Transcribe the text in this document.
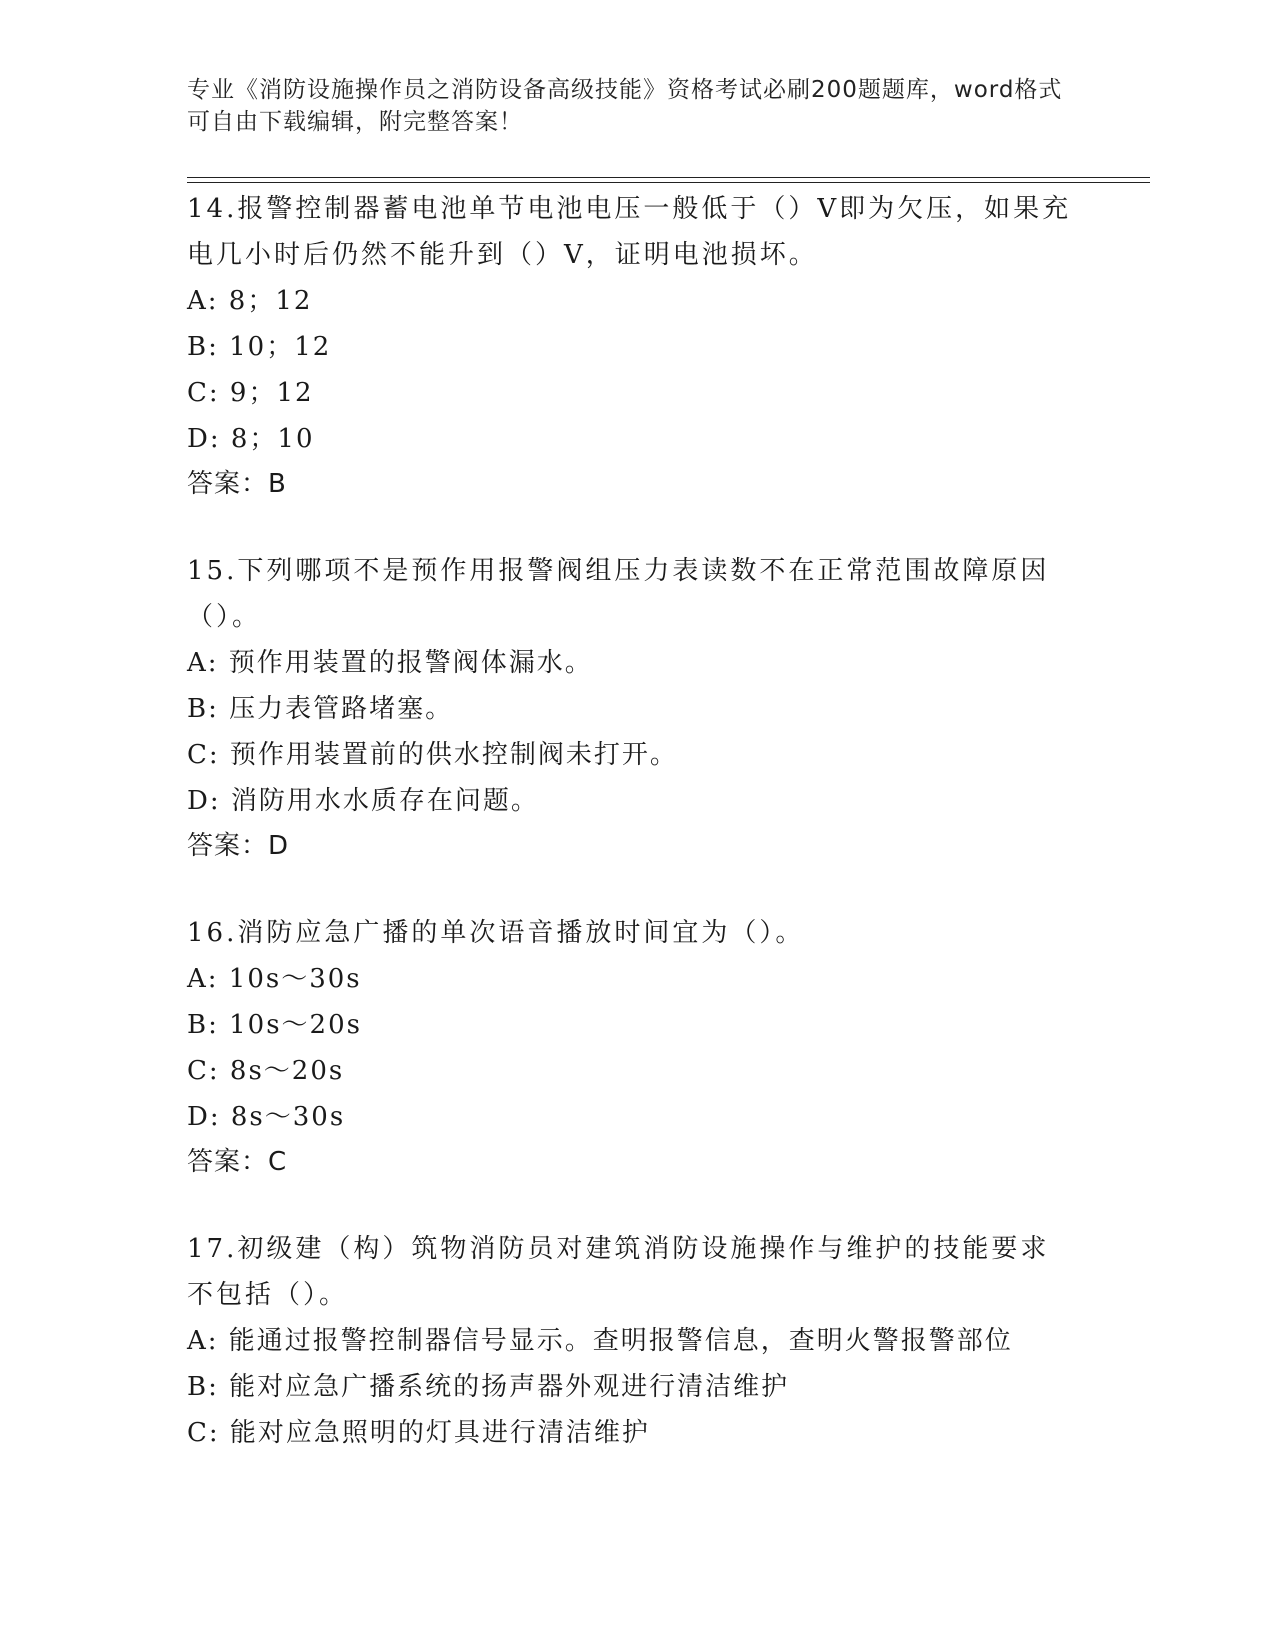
专业《消防设施操作员之消防设备高级技能》资格考试必刷200题题库，word格式可自由下载编辑，附完整答案！
14.报警控制器蓄电池单节电池电压一般低于（）V即为欠压，如果充电几小时后仍然不能升到（）V，证明电池损坏。
A: 8；12
B: 10；12
C: 9；12
D: 8；10
答案：B
15.下列哪项不是预作用报警阀组压力表读数不在正常范围故障原因（）。
A: 预作用装置的报警阀体漏水。
B: 压力表管路堵塞。
C: 预作用装置前的供水控制阀未打开。
D: 消防用水水质存在问题。
答案：D
16.消防应急广播的单次语音播放时间宜为（）。
A: 10s～30s
B: 10s～20s
C: 8s～20s
D: 8s～30s
答案：C
17.初级建（构）筑物消防员对建筑消防设施操作与维护的技能要求不包括（）。
A: 能通过报警控制器信号显示。查明报警信息，查明火警报警部位
B: 能对应急广播系统的扬声器外观进行清洁维护
C: 能对应急照明的灯具进行清洁维护
